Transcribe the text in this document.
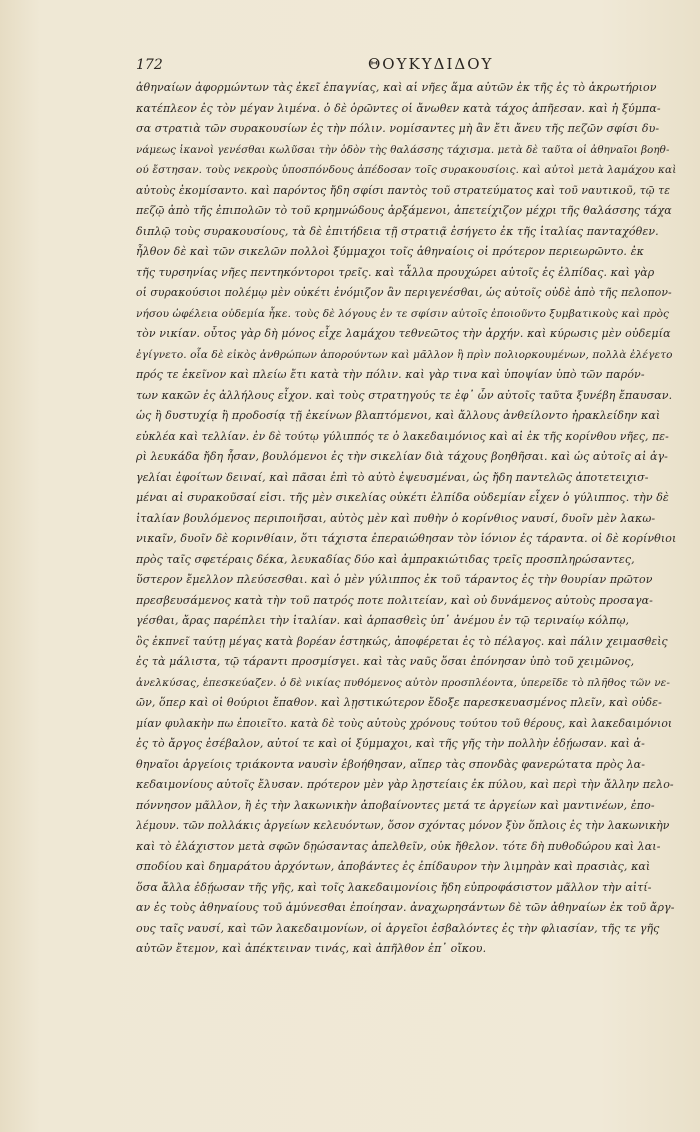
172	ΘΟΥΚΥΔΙΔΟΥ
ἀθηναίων ἀφορμώντων τὰς ἐκεῖ ἐπαγνίας, καὶ αἱ νῆες ἅμα αὐτῶν ἐκ τῆς ἐς τὸ ἀκρωτήριον
κατέπλεον ἐς τὸν μέγαν λιμένα. ὁ δὲ ὁρῶντες οἱ ἄνωθεν κατὰ τάχος ἀπῆεσαν. καὶ ἡ ξύμπα-
σα στρατιὰ τῶν συρακουσίων ἐς τὴν πόλιν. νομίσαντες μὴ ἂν ἔτι ἄνευ τῆς πεζῶν σφίσι δυ-
νάμεως ἱκανοὶ γενέσθαι κωλῦσαι τὴν ὁδὸν τὴς θαλάσσης τάχισμα. μετὰ δὲ ταῦτα οἱ ἀθηναῖοι βοηθ-
ού ἔστησαν. τοὺς νεκροὺς ὑποσπόνδους ἀπέδοσαν τοῖς συρακουσίοις. καὶ αὐτοὶ μετὰ λαμάχου καὶ
αὐτοὺς ἐκομίσαντο. καὶ παρόντος ἤδη σφίσι παντὸς τοῦ στρατεύματος καὶ τοῦ ναυτικοῦ, τῷ τε
πεζῷ ἀπὸ τῆς ἐπιπολῶν τὸ τοῦ κρημνώδους ἀρξάμενοι, ἀπετείχιζον μέχρι τῆς θαλάσσης τάχα
διπλῷ τοὺς συρακουσίους, τὰ δὲ ἐπιτήδεια τῇ στρατιᾷ ἐσήγετο ἐκ τῆς ἰταλίας πανταχόθεν.
ἦλθον δὲ καὶ τῶν σικελῶν πολλοὶ ξύμμαχοι τοῖς ἀθηναίοις οἱ πρότερον περιεωρῶντο. ἐκ
τῆς τυρσηνίας νῆες πεντηκόντοροι τρεῖς. καὶ τἆλλα προυχώρει αὐτοῖς ἐς ἐλπίδας. καὶ γὰρ
οἱ συρακούσιοι πολέμῳ μὲν οὐκέτι ἐνόμιζον ἂν περιγενέσθαι, ὡς αὐτοῖς οὐδὲ ἀπὸ τῆς πελοπον-
νήσου ὠφέλεια οὐδεμία ἧκε. τοὺς δὲ λόγους ἐν τε σφίσιν αὐτοῖς ἐποιοῦντο ξυμβατικοὺς καὶ πρὸς
τὸν νικίαν. οὗτος γὰρ δὴ μόνος εἶχε λαμάχου τεθνεῶτος τὴν ἀρχήν. καὶ κύρωσις μὲν οὐδεμία
ἐγίγνετο. οἷα δὲ εἰκὸς ἀνθρώπων ἀπορούντων καὶ μᾶλλον ἢ πρὶν πολιορκουμένων, πολλὰ ἐλέγετο
πρός τε ἐκεῖνον καὶ πλείω ἔτι κατὰ τὴν πόλιν. καὶ γὰρ τινα καὶ ὑποψίαν ὑπὸ τῶν παρόν-
των κακῶν ἐς ἀλλήλους εἶχον. καὶ τοὺς στρατηγούς τε ἐφ᾽ ὧν αὐτοῖς ταῦτα ξυνέβη ἔπαυσαν.
ὡς ἢ δυστυχίᾳ ἢ προδοσίᾳ τῇ ἐκείνων βλαπτόμενοι, καὶ ἄλλους ἀνθείλοντο ἡρακλείδην καὶ
εὐκλέα καὶ τελλίαν. ἐν δὲ τούτῳ γύλιππός τε ὁ λακεδαιμόνιος καὶ αἱ ἐκ τῆς κορίνθου νῆες, πε-
ρὶ λευκάδα ἤδη ἦσαν, βουλόμενοι ἐς τὴν σικελίαν διὰ τάχους βοηθῆσαι. καὶ ὡς αὐτοῖς αἱ ἀγ-
γελίαι ἐφοίτων δειναί, καὶ πᾶσαι ἐπὶ τὸ αὐτὸ ἐψευσμέναι, ὡς ἤδη παντελῶς ἀποτετειχισ-
μέναι αἱ συρακοῦσαί εἰσι. τῆς μὲν σικελίας οὐκέτι ἐλπίδα οὐδεμίαν εἶχεν ὁ γύλιππος. τὴν δὲ
ἰταλίαν βουλόμενος περιποιῆσαι, αὐτὸς μὲν καὶ πυθὴν ὁ κορίνθιος ναυσί, δυοῖν μὲν λακω-
νικαῖν, δυοῖν δὲ κορινθίαιν, ὅτι τάχιστα ἐπεραιώθησαν τὸν ἰόνιον ἐς τάραντα. οἱ δὲ κορίνθιοι
πρὸς ταῖς σφετέραις δέκα, λευκαδίας δύο καὶ ἀμπρακιώτιδας τρεῖς προσπληρώσαντες,
ὕστερον ἔμελλον πλεύσεσθαι. καὶ ὁ μὲν γύλιππος ἐκ τοῦ τάραντος ἐς τὴν θουρίαν πρῶτον
πρεσβευσάμενος κατὰ τὴν τοῦ πατρός ποτε πολιτείαν, καὶ οὐ δυνάμενος αὐτοὺς προσαγα-
γέσθαι, ἄρας παρέπλει τὴν ἰταλίαν. καὶ ἁρπασθεὶς ὑπ᾽ ἀνέμου ἐν τῷ τεριναίῳ κόλπῳ,
ὃς ἐκπνεῖ ταύτῃ μέγας κατὰ βορέαν ἑστηκώς, ἀποφέρεται ἐς τὸ πέλαγος. καὶ πάλιν χειμασθεὶς
ἐς τὰ μάλιστα, τῷ τάραντι προσμίσγει. καὶ τὰς ναῦς ὅσαι ἐπόνησαν ὑπὸ τοῦ χειμῶνος,
ἀνελκύσας, ἐπεσκεύαζεν. ὁ δὲ νικίας πυθόμενος αὐτὸν προσπλέοντα, ὑπερεῖδε τὸ πλῆθος τῶν νε-
ῶν, ὅπερ καὶ οἱ θούριοι ἔπαθον. καὶ λῃστικώτερον ἔδοξε παρεσκευασμένος πλεῖν, καὶ οὐδε-
μίαν φυλακὴν πω ἐποιεῖτο. κατὰ δὲ τοὺς αὐτοὺς χρόνους τούτου τοῦ θέρους, καὶ λακεδαιμόνιοι
ἐς τὸ ἄργος ἐσέβαλον, αὐτοί τε καὶ οἱ ξύμμαχοι, καὶ τῆς γῆς τὴν πολλὴν ἐδῄωσαν. καὶ ἀ-
θηναῖοι ἀργείοις τριάκοντα ναυσὶν ἐβοήθησαν, αἵπερ τὰς σπονδὰς φανερώτατα πρὸς λα-
κεδαιμονίους αὐτοῖς ἔλυσαν. πρότερον μὲν γὰρ λῃστείαις ἐκ πύλου, καὶ περὶ τὴν ἄλλην πελο-
πόννησον μᾶλλον, ἢ ἐς τὴν λακωνικὴν ἀποβαίνοντες μετά τε ἀργείων καὶ μαντινέων, ἐπο-
λέμουν. τῶν πολλάκις ἀργείων κελευόντων, ὅσον σχόντας μόνον ξὺν ὅπλοις ἐς τὴν λακωνικὴν
καὶ τὸ ἐλάχιστον μετὰ σφῶν δῃώσαντας ἀπελθεῖν, οὐκ ἤθελον. τότε δὴ πυθοδώρου καὶ λαι-
σποδίου καὶ δημαράτου ἀρχόντων, ἀποβάντες ἐς ἐπίδαυρον τὴν λιμηρὰν καὶ πρασιὰς, καὶ
ὅσα ἄλλα ἐδῄωσαν τῆς γῆς, καὶ τοῖς λακεδαιμονίοις ἤδη εὐπροφάσιστον μᾶλλον τὴν αἰτί-
αν ἐς τοὺς ἀθηναίους τοῦ ἀμύνεσθαι ἐποίησαν. ἀναχωρησάντων δὲ τῶν ἀθηναίων ἐκ τοῦ ἄργ-
ους ταῖς ναυσί, καὶ τῶν λακεδαιμονίων, οἱ ἀργεῖοι ἐσβαλόντες ἐς τὴν φλιασίαν, τῆς τε γῆς
αὐτῶν ἔτεμον, καὶ ἀπέκτειναν τινάς, καὶ ἀπῆλθον ἐπ᾽ οἴκου.
